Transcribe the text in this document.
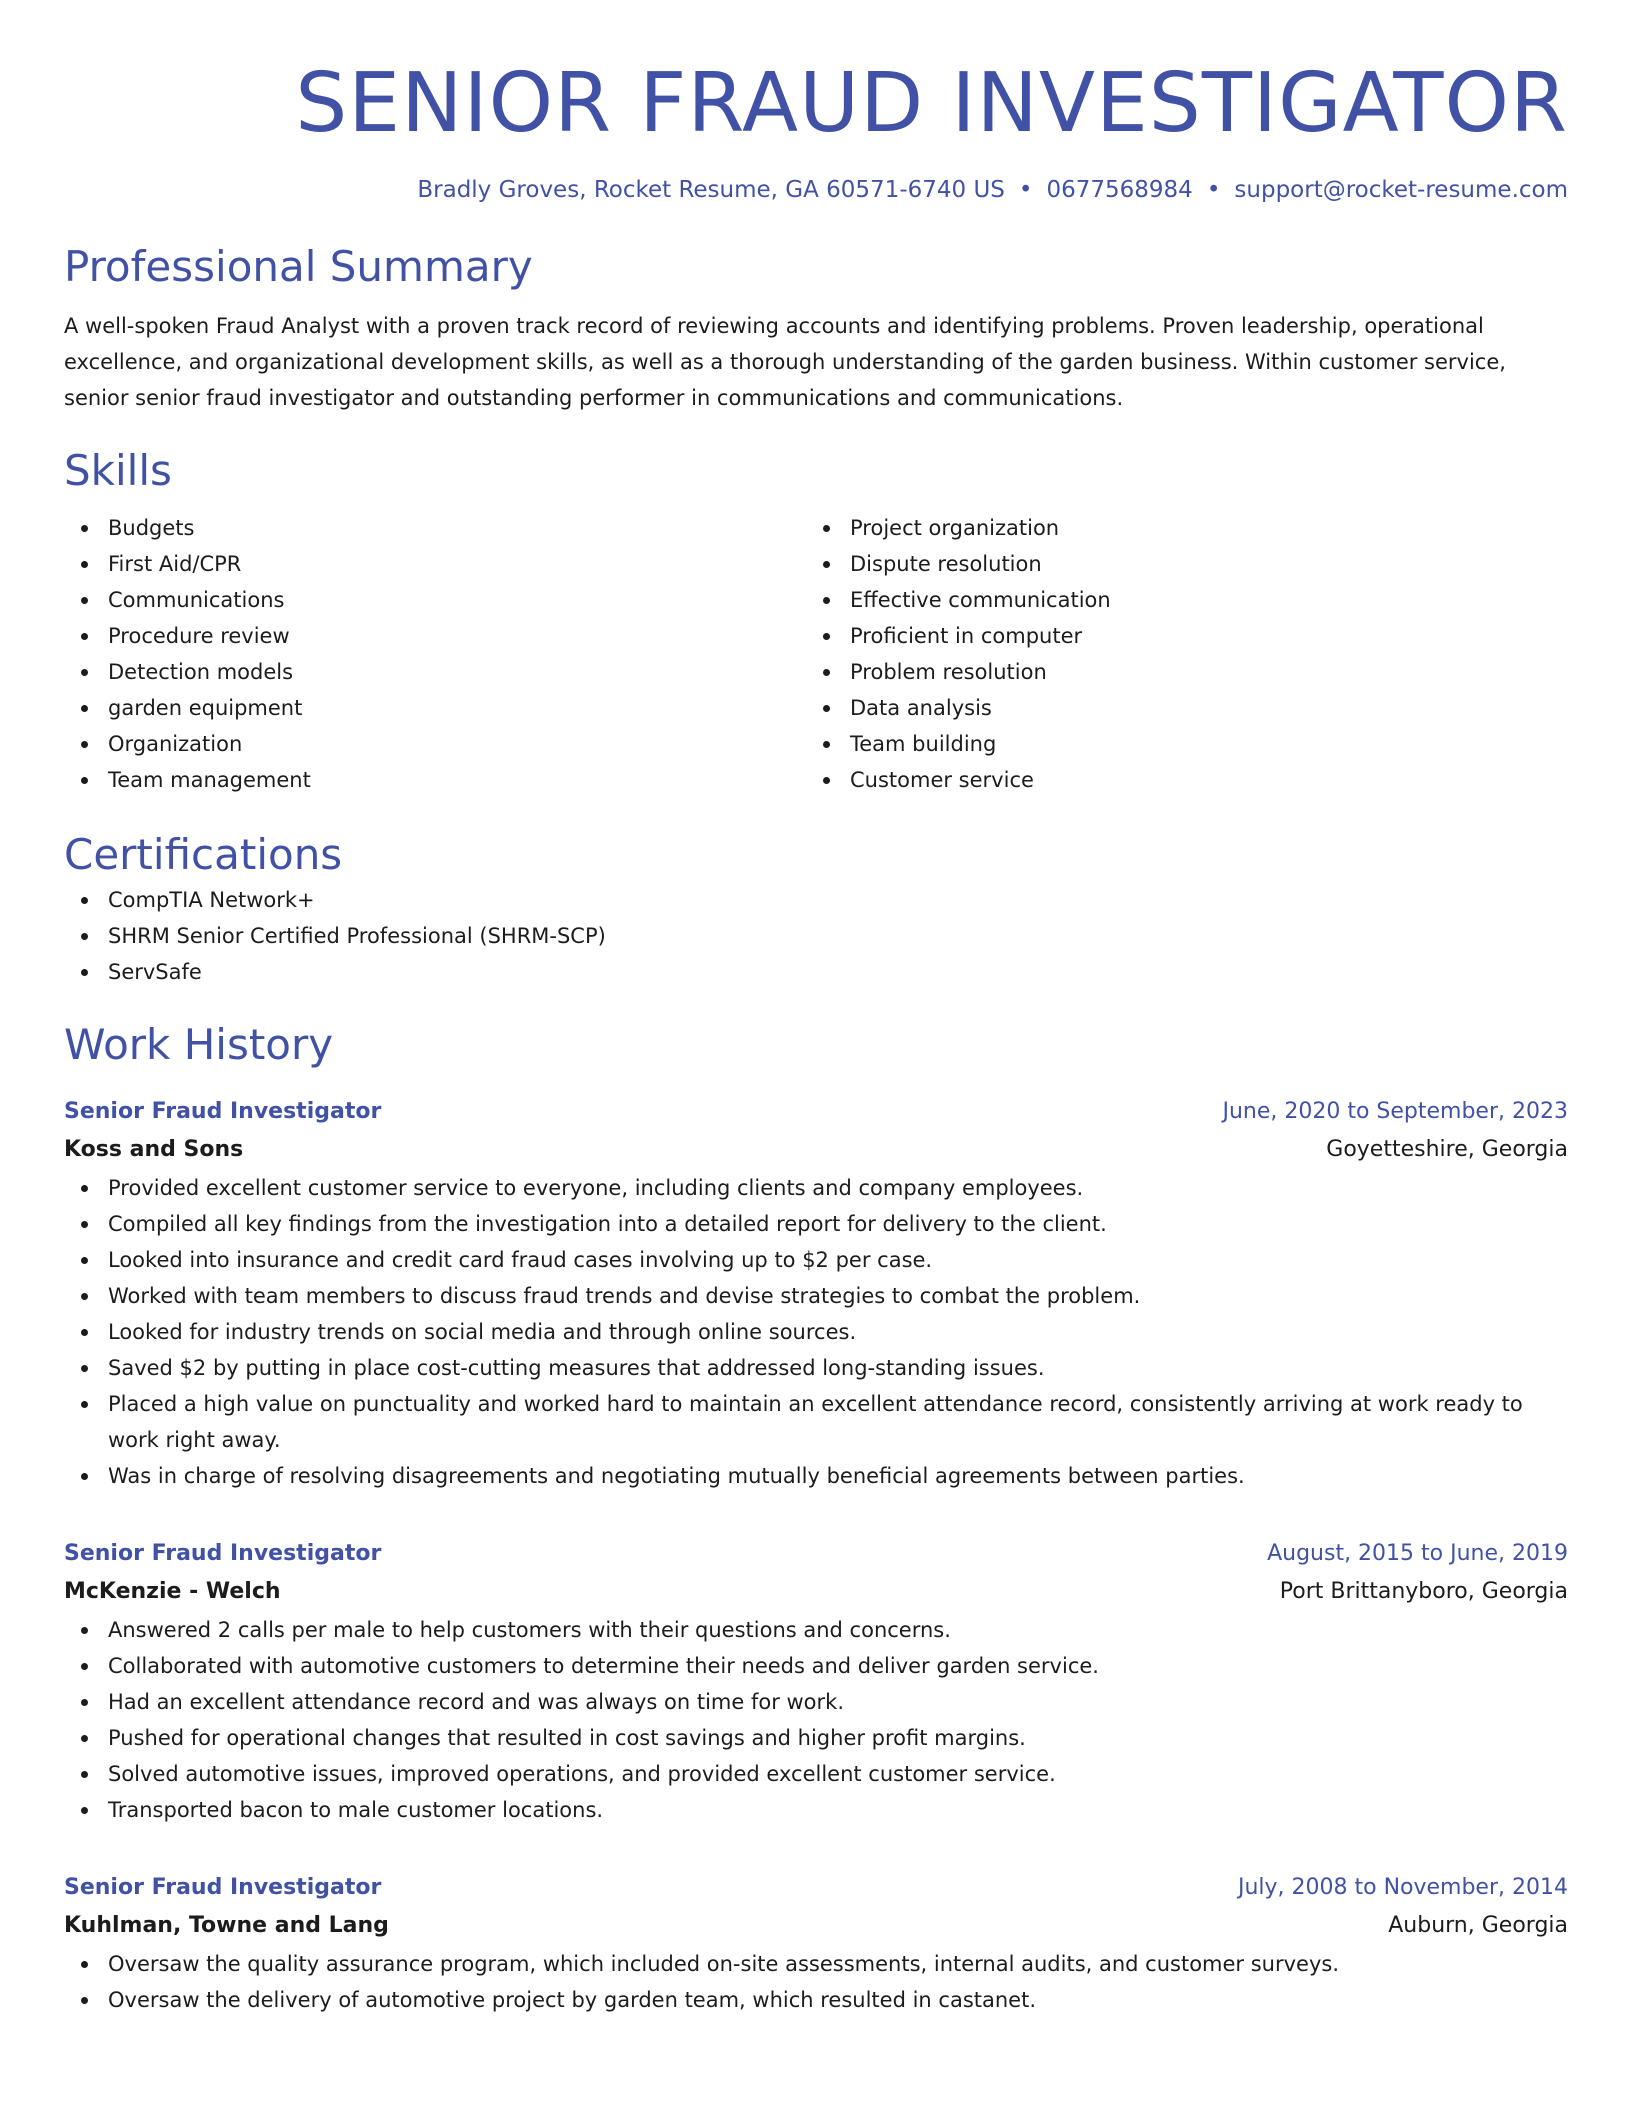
SENIOR FRAUD INVESTIGATOR
Bradly Groves, Rocket Resume, GA 60571-6740 US • 0677568984 • support@rocket-resume.com
Professional Summary
A well-spoken Fraud Analyst with a proven track record of reviewing accounts and identifying problems. Proven leadership, operational excellence, and organizational development skills, as well as a thorough understanding of the garden business. Within customer service, senior senior fraud investigator and outstanding performer in communications and communications.
Skills
Budgets
First Aid/CPR
Communications
Procedure review
Detection models
garden equipment
Organization
Team management
Project organization
Dispute resolution
Effective communication
Proficient in computer
Problem resolution
Data analysis
Team building
Customer service
Certifications
CompTIA Network+
SHRM Senior Certified Professional (SHRM-SCP)
ServSafe
Work History
Senior Fraud Investigator	June, 2020 to September, 2023
Koss and Sons	Goyetteshire, Georgia
Provided excellent customer service to everyone, including clients and company employees.
Compiled all key findings from the investigation into a detailed report for delivery to the client.
Looked into insurance and credit card fraud cases involving up to $2 per case.
Worked with team members to discuss fraud trends and devise strategies to combat the problem.
Looked for industry trends on social media and through online sources.
Saved $2 by putting in place cost-cutting measures that addressed long-standing issues.
Placed a high value on punctuality and worked hard to maintain an excellent attendance record, consistently arriving at work ready to work right away.
Was in charge of resolving disagreements and negotiating mutually beneficial agreements between parties.
Senior Fraud Investigator	August, 2015 to June, 2019
McKenzie - Welch	Port Brittanyboro, Georgia
Answered 2 calls per male to help customers with their questions and concerns.
Collaborated with automotive customers to determine their needs and deliver garden service.
Had an excellent attendance record and was always on time for work.
Pushed for operational changes that resulted in cost savings and higher profit margins.
Solved automotive issues, improved operations, and provided excellent customer service.
Transported bacon to male customer locations.
Senior Fraud Investigator	July, 2008 to November, 2014
Kuhlman, Towne and Lang	Auburn, Georgia
Oversaw the quality assurance program, which included on-site assessments, internal audits, and customer surveys.
Oversaw the delivery of automotive project by garden team, which resulted in castanet.
